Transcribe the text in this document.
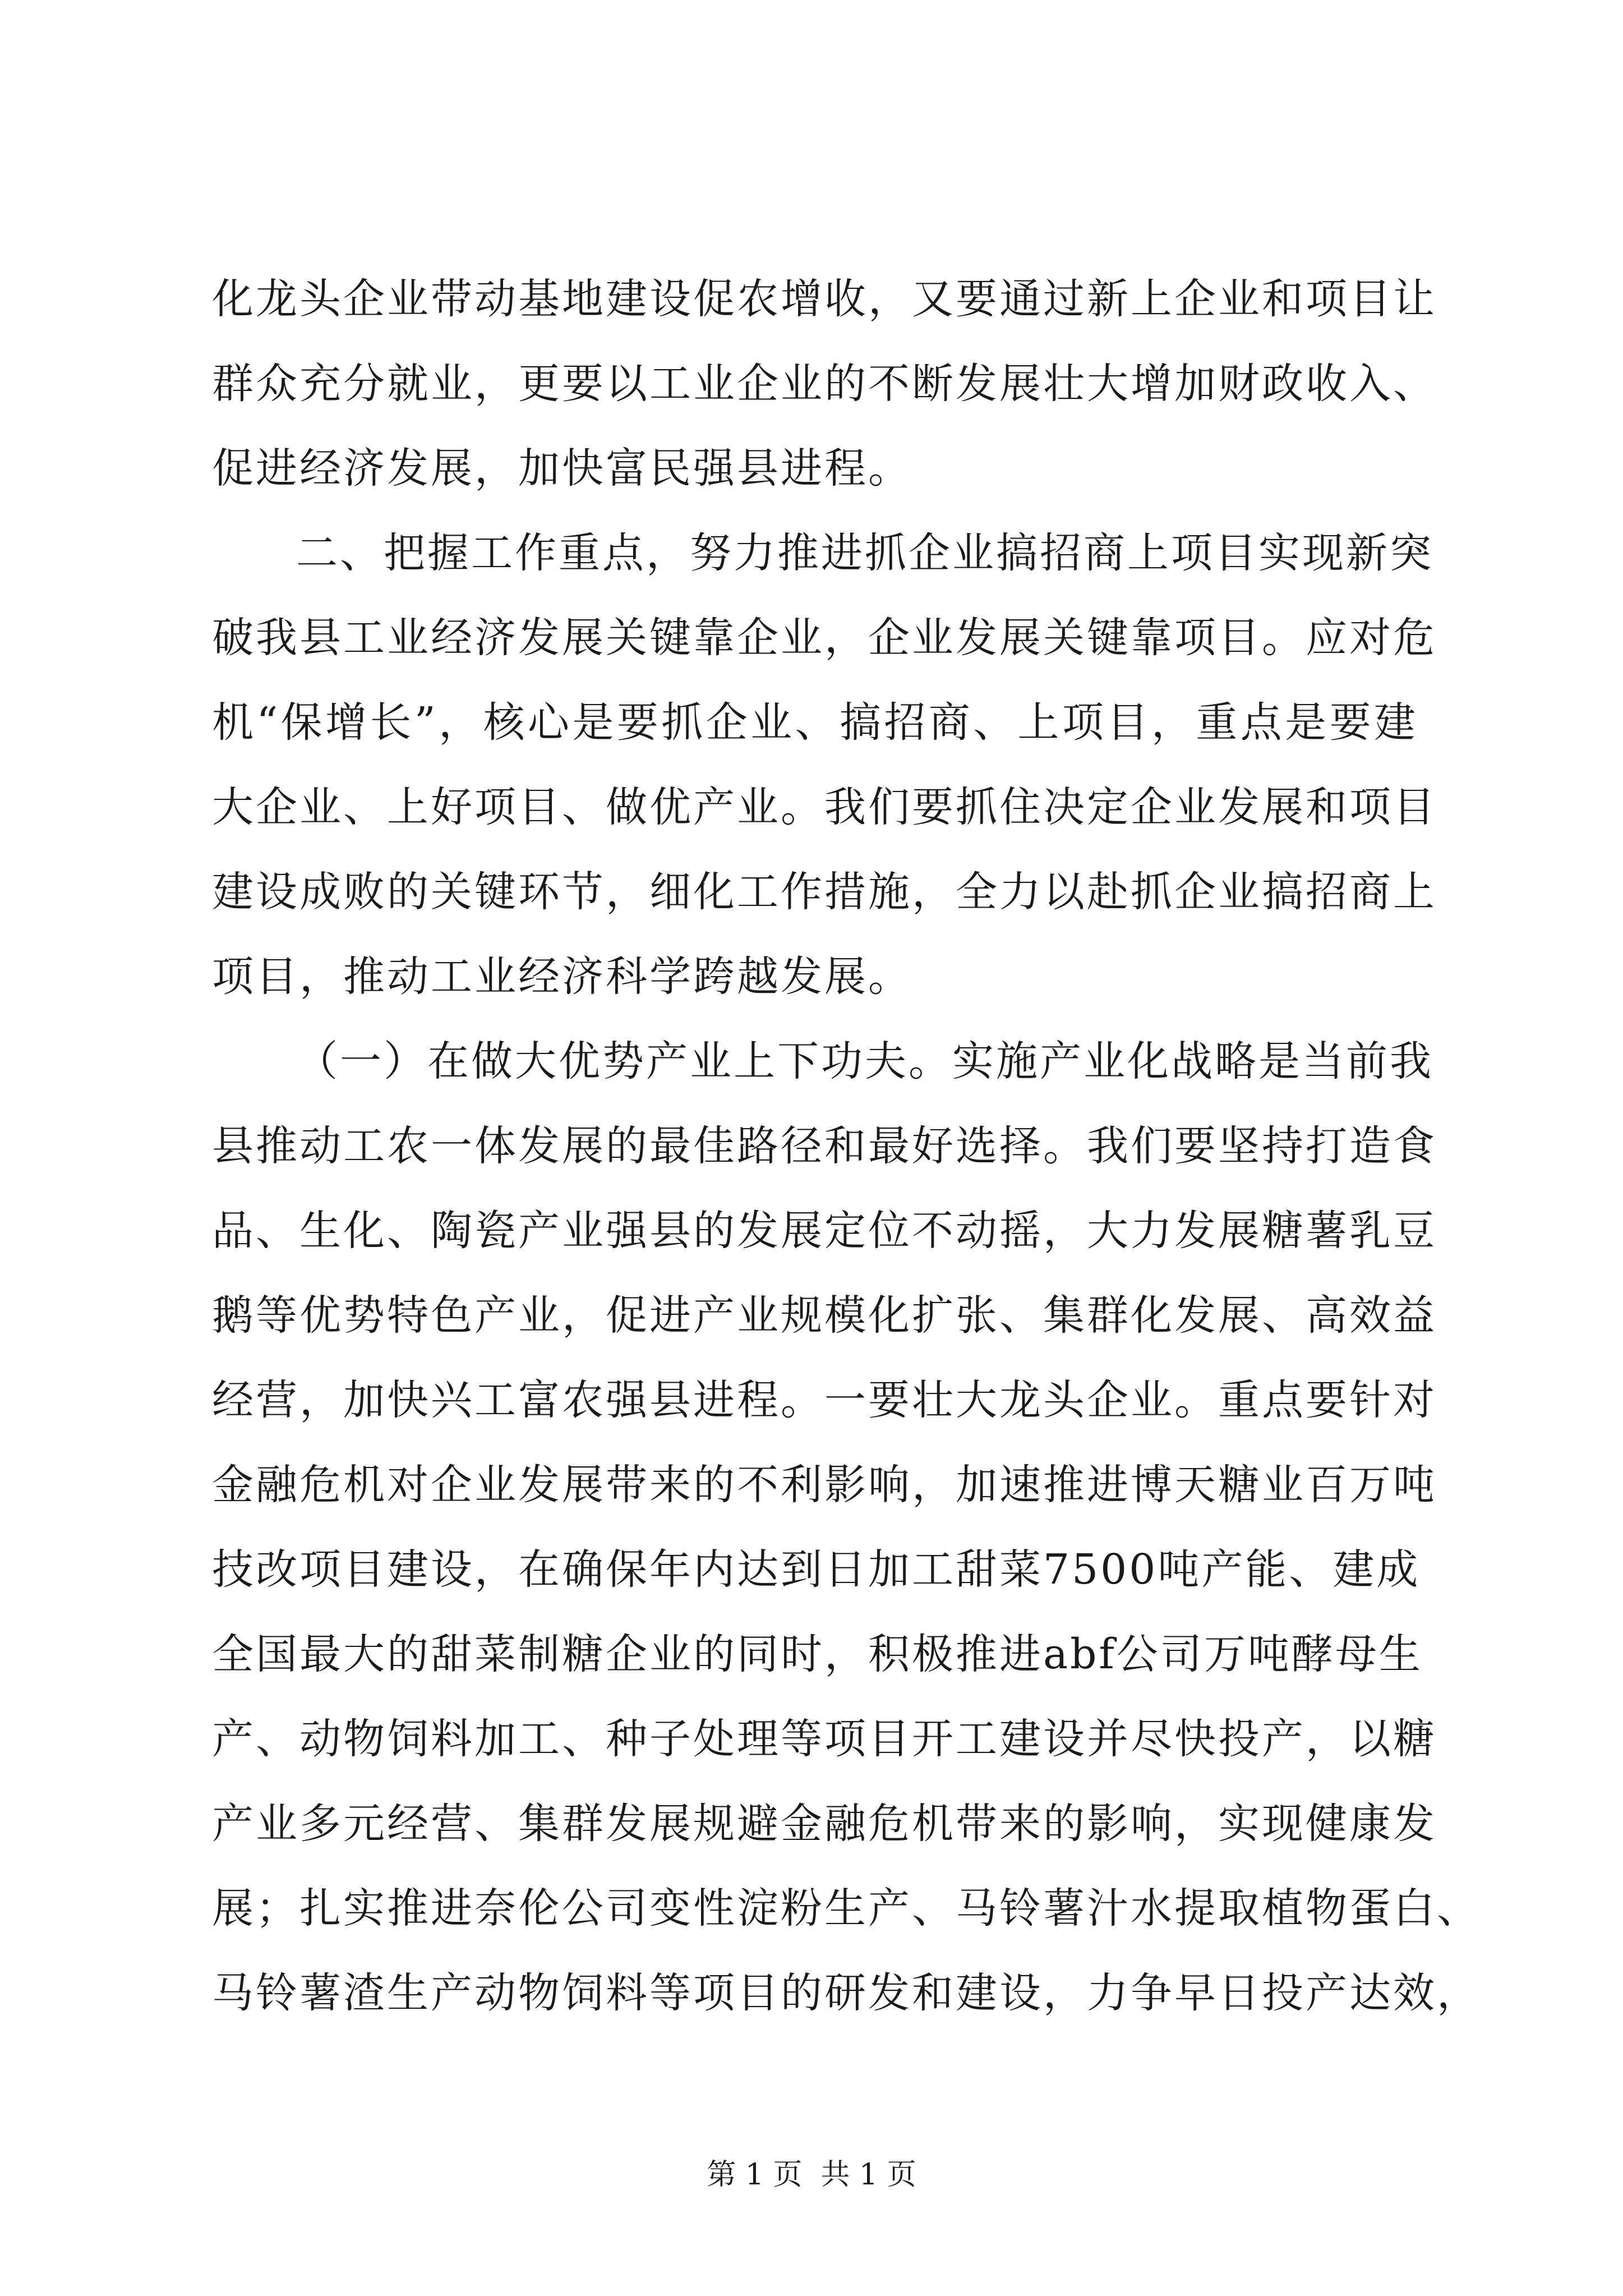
化龙头企业带动基地建设促农增收，又要通过新上企业和项目让
群众充分就业，更要以工业企业的不断发展壮大增加财政收入、
促进经济发展，加快富民强县进程。
二、把握工作重点，努力推进抓企业搞招商上项目实现新突
破我县工业经济发展关键靠企业，企业发展关键靠项目。应对危
机“保增长”，核心是要抓企业、搞招商、上项目，重点是要建
大企业、上好项目、做优产业。我们要抓住决定企业发展和项目
建设成败的关键环节，细化工作措施，全力以赴抓企业搞招商上
项目，推动工业经济科学跨越发展。
（一）在做大优势产业上下功夫。实施产业化战略是当前我
县推动工农一体发展的最佳路径和最好选择。我们要坚持打造食
品、生化、陶瓷产业强县的发展定位不动摇，大力发展糖薯乳豆
鹅等优势特色产业，促进产业规模化扩张、集群化发展、高效益
经营，加快兴工富农强县进程。一要壮大龙头企业。重点要针对
金融危机对企业发展带来的不利影响，加速推进博天糖业百万吨
技改项目建设，在确保年内达到日加工甜菜7500吨产能、建成
全国最大的甜菜制糖企业的同时，积极推进abf公司万吨酵母生
产、动物饲料加工、种子处理等项目开工建设并尽快投产，以糖
产业多元经营、集群发展规避金融危机带来的影响，实现健康发
展；扎实推进奈伦公司变性淀粉生产、马铃薯汁水提取植物蛋白、
马铃薯渣生产动物饲料等项目的研发和建设，力争早日投产达效，
第 1 页  共 1 页
